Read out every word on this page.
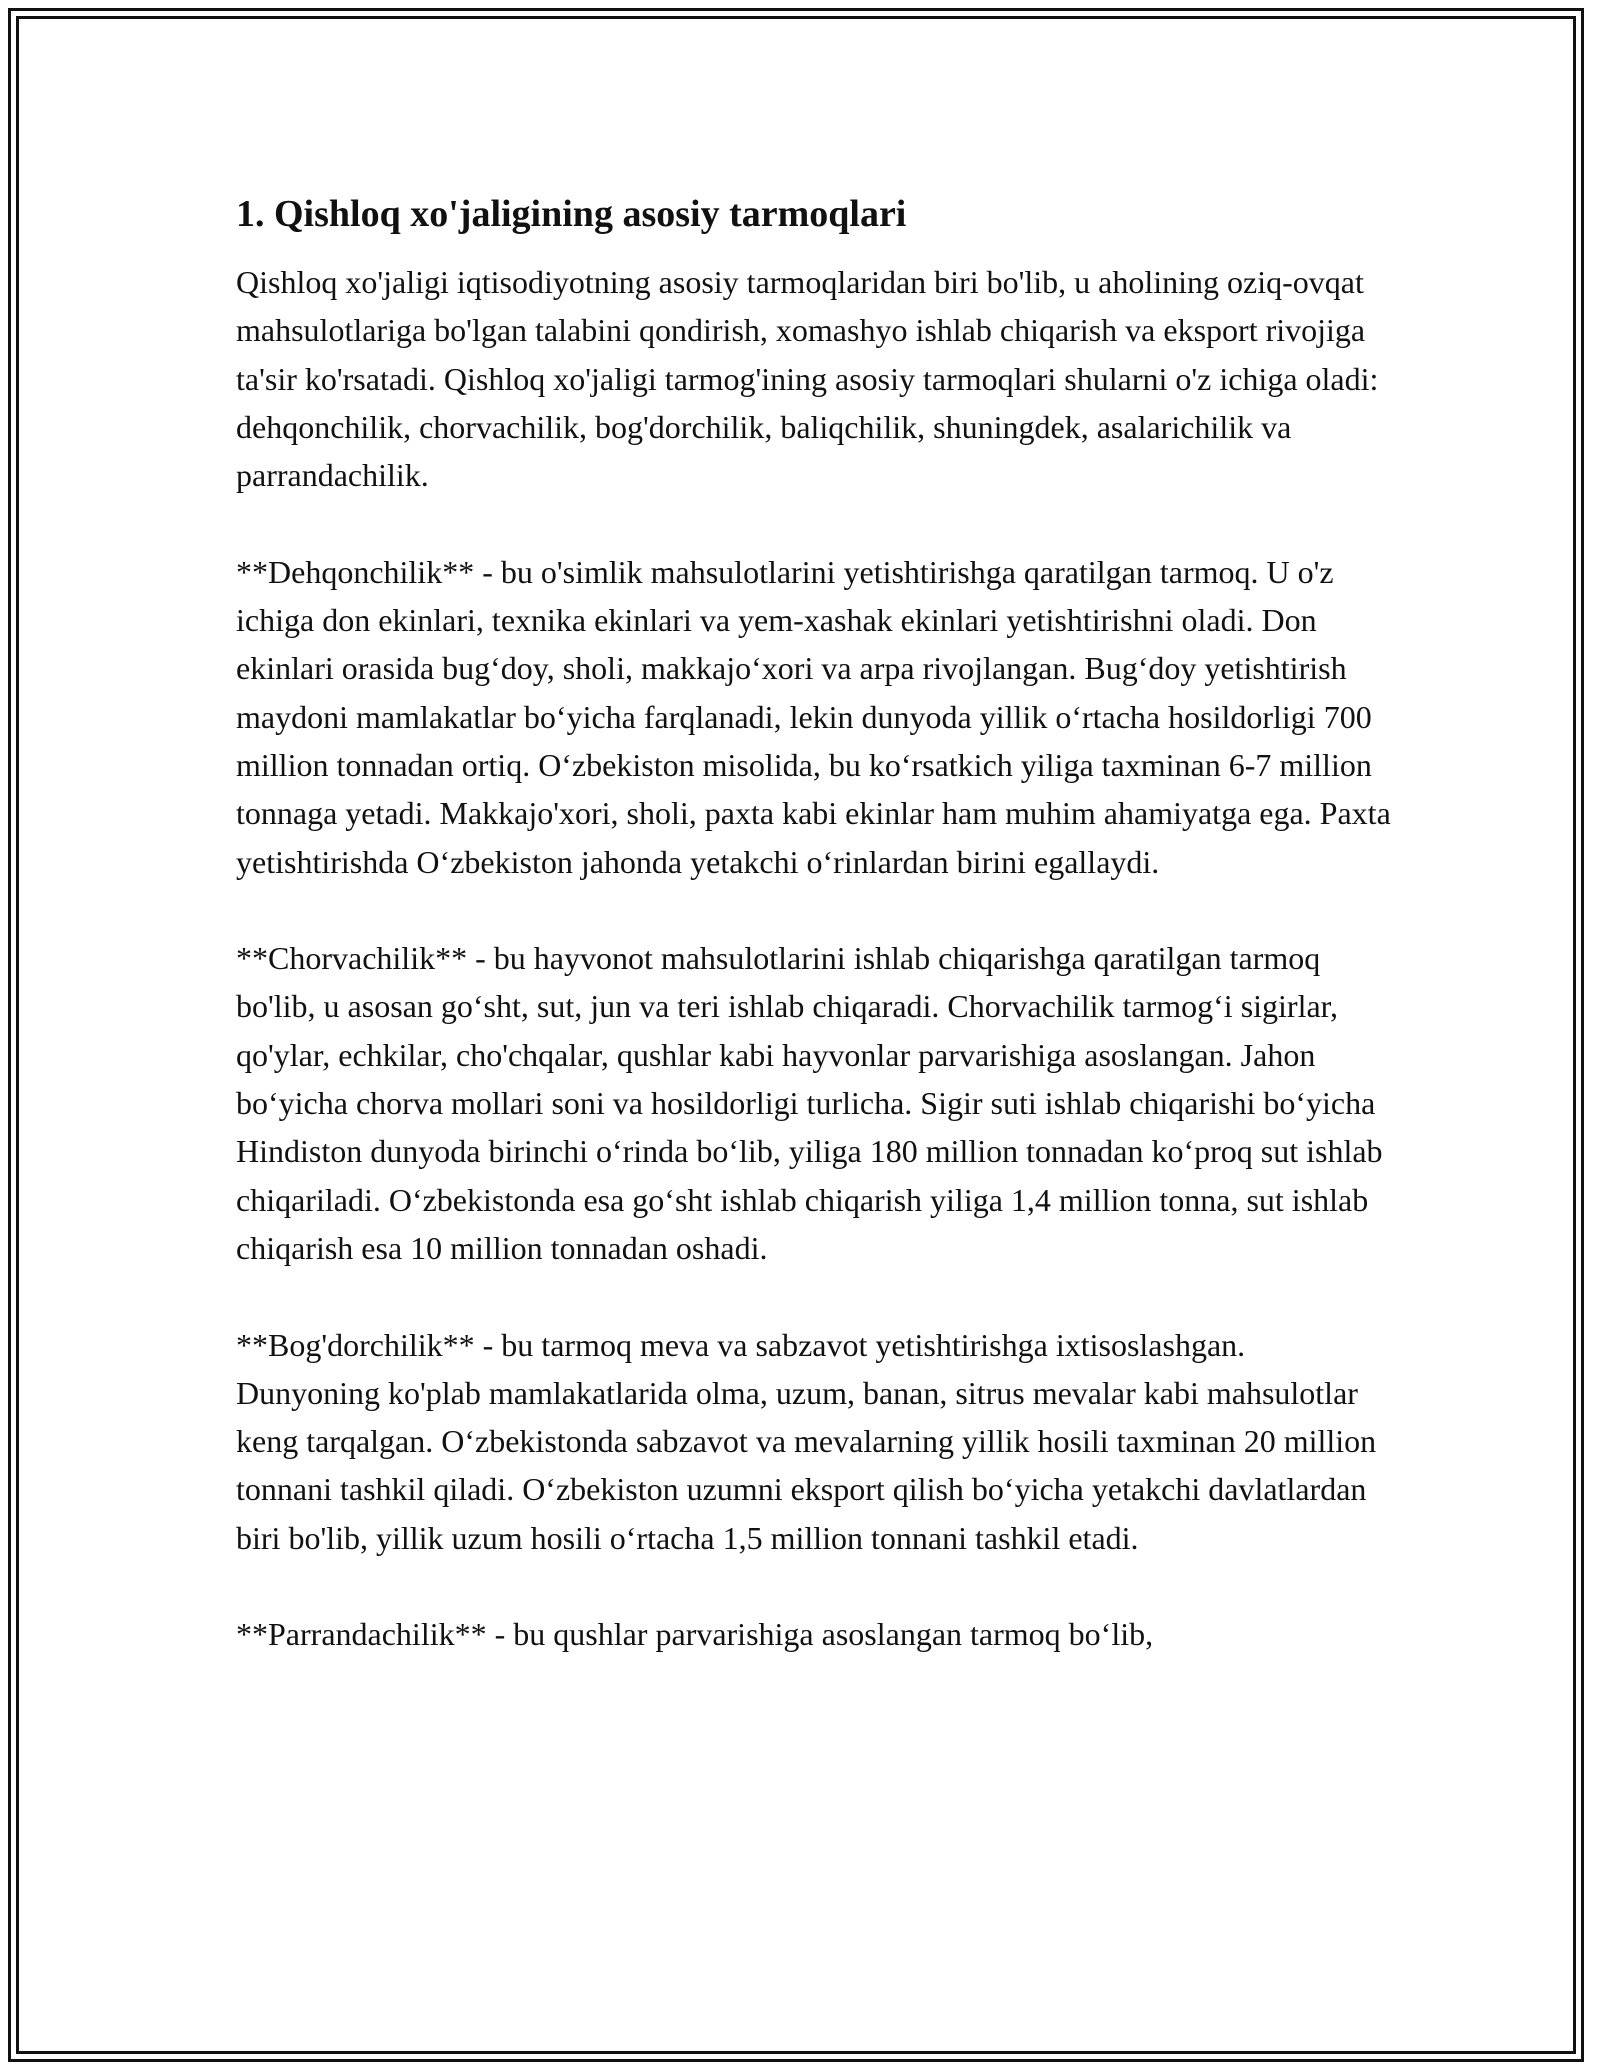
1. Qishloq xo'jaligining asosiy tarmoqlari

Qishloq xo'jaligi iqtisodiyotning asosiy tarmoqlaridan biri bo'lib, u aholining oziq-ovqat mahsulotlariga bo'lgan talabini qondirish, xomashyo ishlab chiqarish va eksport rivojiga ta'sir ko'rsatadi. Qishloq xo'jaligi tarmog'ining asosiy tarmoqlari shularni o'z ichiga oladi: dehqonchilik, chorvachilik, bog'dorchilik, baliqchilik, shuningdek, asalarichilik va parrandachilik.

**Dehqonchilik** - bu o'simlik mahsulotlarini yetishtirishga qaratilgan tarmoq. U o'z ichiga don ekinlari, texnika ekinlari va yem-xashak ekinlari yetishtirishni oladi. Don ekinlari orasida bug‘doy, sholi, makkajo‘xori va arpa rivojlangan. Bug‘doy yetishtirish maydoni mamlakatlar bo‘yicha farqlanadi, lekin dunyoda yillik o‘rtacha hosildorligi 700 million tonnadan ortiq. O‘zbekiston misolida, bu ko‘rsatkich yiliga taxminan 6-7 million tonnaga yetadi. Makkajo'xori, sholi, paxta kabi ekinlar ham muhim ahamiyatga ega. Paxta yetishtirishda O‘zbekiston jahonda yetakchi o‘rinlardan birini egallaydi.

**Chorvachilik** - bu hayvonot mahsulotlarini ishlab chiqarishga qaratilgan tarmoq bo'lib, u asosan go‘sht, sut, jun va teri ishlab chiqaradi. Chorvachilik tarmog‘i sigirlar, qo'ylar, echkilar, cho'chqalar, qushlar kabi hayvonlar parvarishiga asoslangan. Jahon bo‘yicha chorva mollari soni va hosildorligi turlicha. Sigir suti ishlab chiqarishi bo‘yicha Hindiston dunyoda birinchi o‘rinda bo‘lib, yiliga 180 million tonnadan ko‘proq sut ishlab chiqariladi. O‘zbekistonda esa go‘sht ishlab chiqarish yiliga 1,4 million tonna, sut ishlab chiqarish esa 10 million tonnadan oshadi.

**Bog'dorchilik** - bu tarmoq meva va sabzavot yetishtirishga ixtisoslashgan. Dunyoning ko'plab mamlakatlarida olma, uzum, banan, sitrus mevalar kabi mahsulotlar keng tarqalgan. O‘zbekistonda sabzavot va mevalarning yillik hosili taxminan 20 million tonnani tashkil qiladi. O‘zbekiston uzumni eksport qilish bo‘yicha yetakchi davlatlardan biri bo'lib, yillik uzum hosili o‘rtacha 1,5 million tonnani tashkil etadi.

**Parrandachilik** - bu qushlar parvarishiga asoslangan tarmoq bo‘lib,
